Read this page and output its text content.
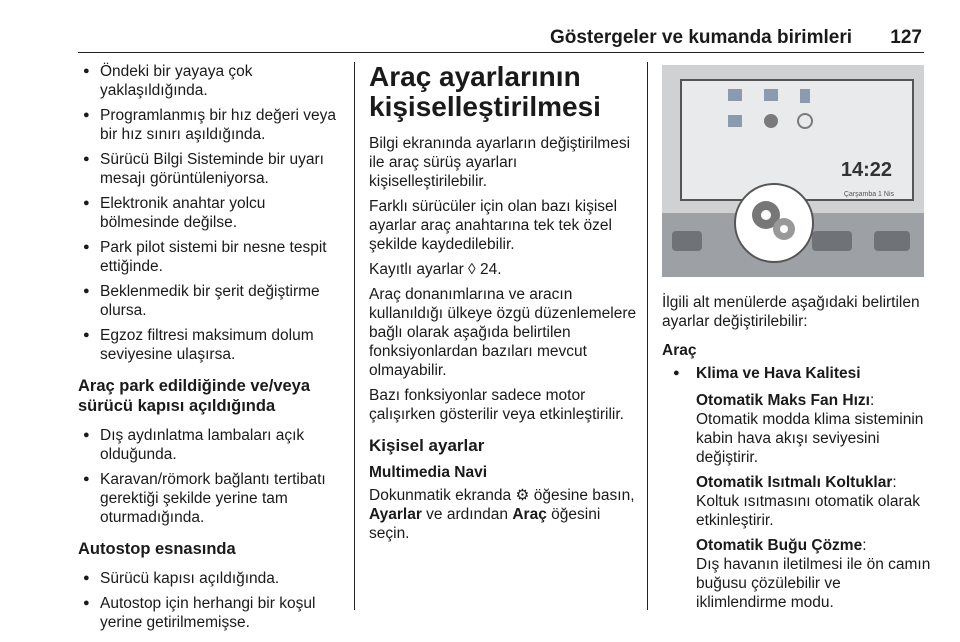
Göstergeler ve kumanda birimleri 127
● Öndeki bir yayaya çok yaklaşıldığında.
● Programlanmış bir hız değeri veya bir hız sınırı aşıldığında.
● Sürücü Bilgi Sisteminde bir uyarı mesajı görüntüleniyorsa.
● Elektronik anahtar yolcu bölmesinde değilse.
● Park pilot sistemi bir nesne tespit ettiğinde.
● Beklenmedik bir şerit değiştirme olursa.
● Egzoz filtresi maksimum dolum seviyesine ulaşırsa.
Araç park edildiğinde ve/veya sürücü kapısı açıldığında
● Dış aydınlatma lambaları açık olduğunda.
● Karavan/römork bağlantı tertibatı gerektiği şekilde yerine tam oturmadığında.
Autostop esnasında
● Sürücü kapısı açıldığında.
● Autostop için herhangi bir koşul yerine getirilmemişse.
Araç ayarlarının kişiselleştirilmesi

Bilgi ekranında ayarların değiştirilmesi ile araç sürüş ayarları kişiselleştirilebilir.

Farklı sürücüler için olan bazı kişisel ayarlar araç anahtarına tek tek özel şekilde kaydedilebilir.

Kayıtlı ayarlar ◊ 24.

Araç donanımlarına ve aracın kullanıldığı ülkeye özgü düzenlemelere bağlı olarak aşağıda belirtilen fonksiyonlardan bazıları mevcut olmayabilir.

Bazı fonksiyonlar sadece motor çalışırken gösterilir veya etkinleştirilir.

Kişisel ayarlar
Multimedia Navi

Dokunmatik ekranda ⚙ öğesine basın, Ayarlar ve ardından Araç öğesini seçin.

14:22
Çarşamba 1 Nis

İlgili alt menülerde aşağıdaki belirtilen ayarlar değiştirilebilir:

Araç
● Klima ve Hava Kalitesi

Otomatik Maks Fan Hızı:

Otomatik modda klima sisteminin kabin hava akışı seviyesini değiştirir.

Otomatik Isıtmalı Koltuklar:

Koltuk ısıtmasını otomatik olarak etkinleştirir.

Otomatik Buğu Çözme:

Dış havanın iletilmesi ile ön camın buğusu çözülebilir ve iklimlendirme modu.
